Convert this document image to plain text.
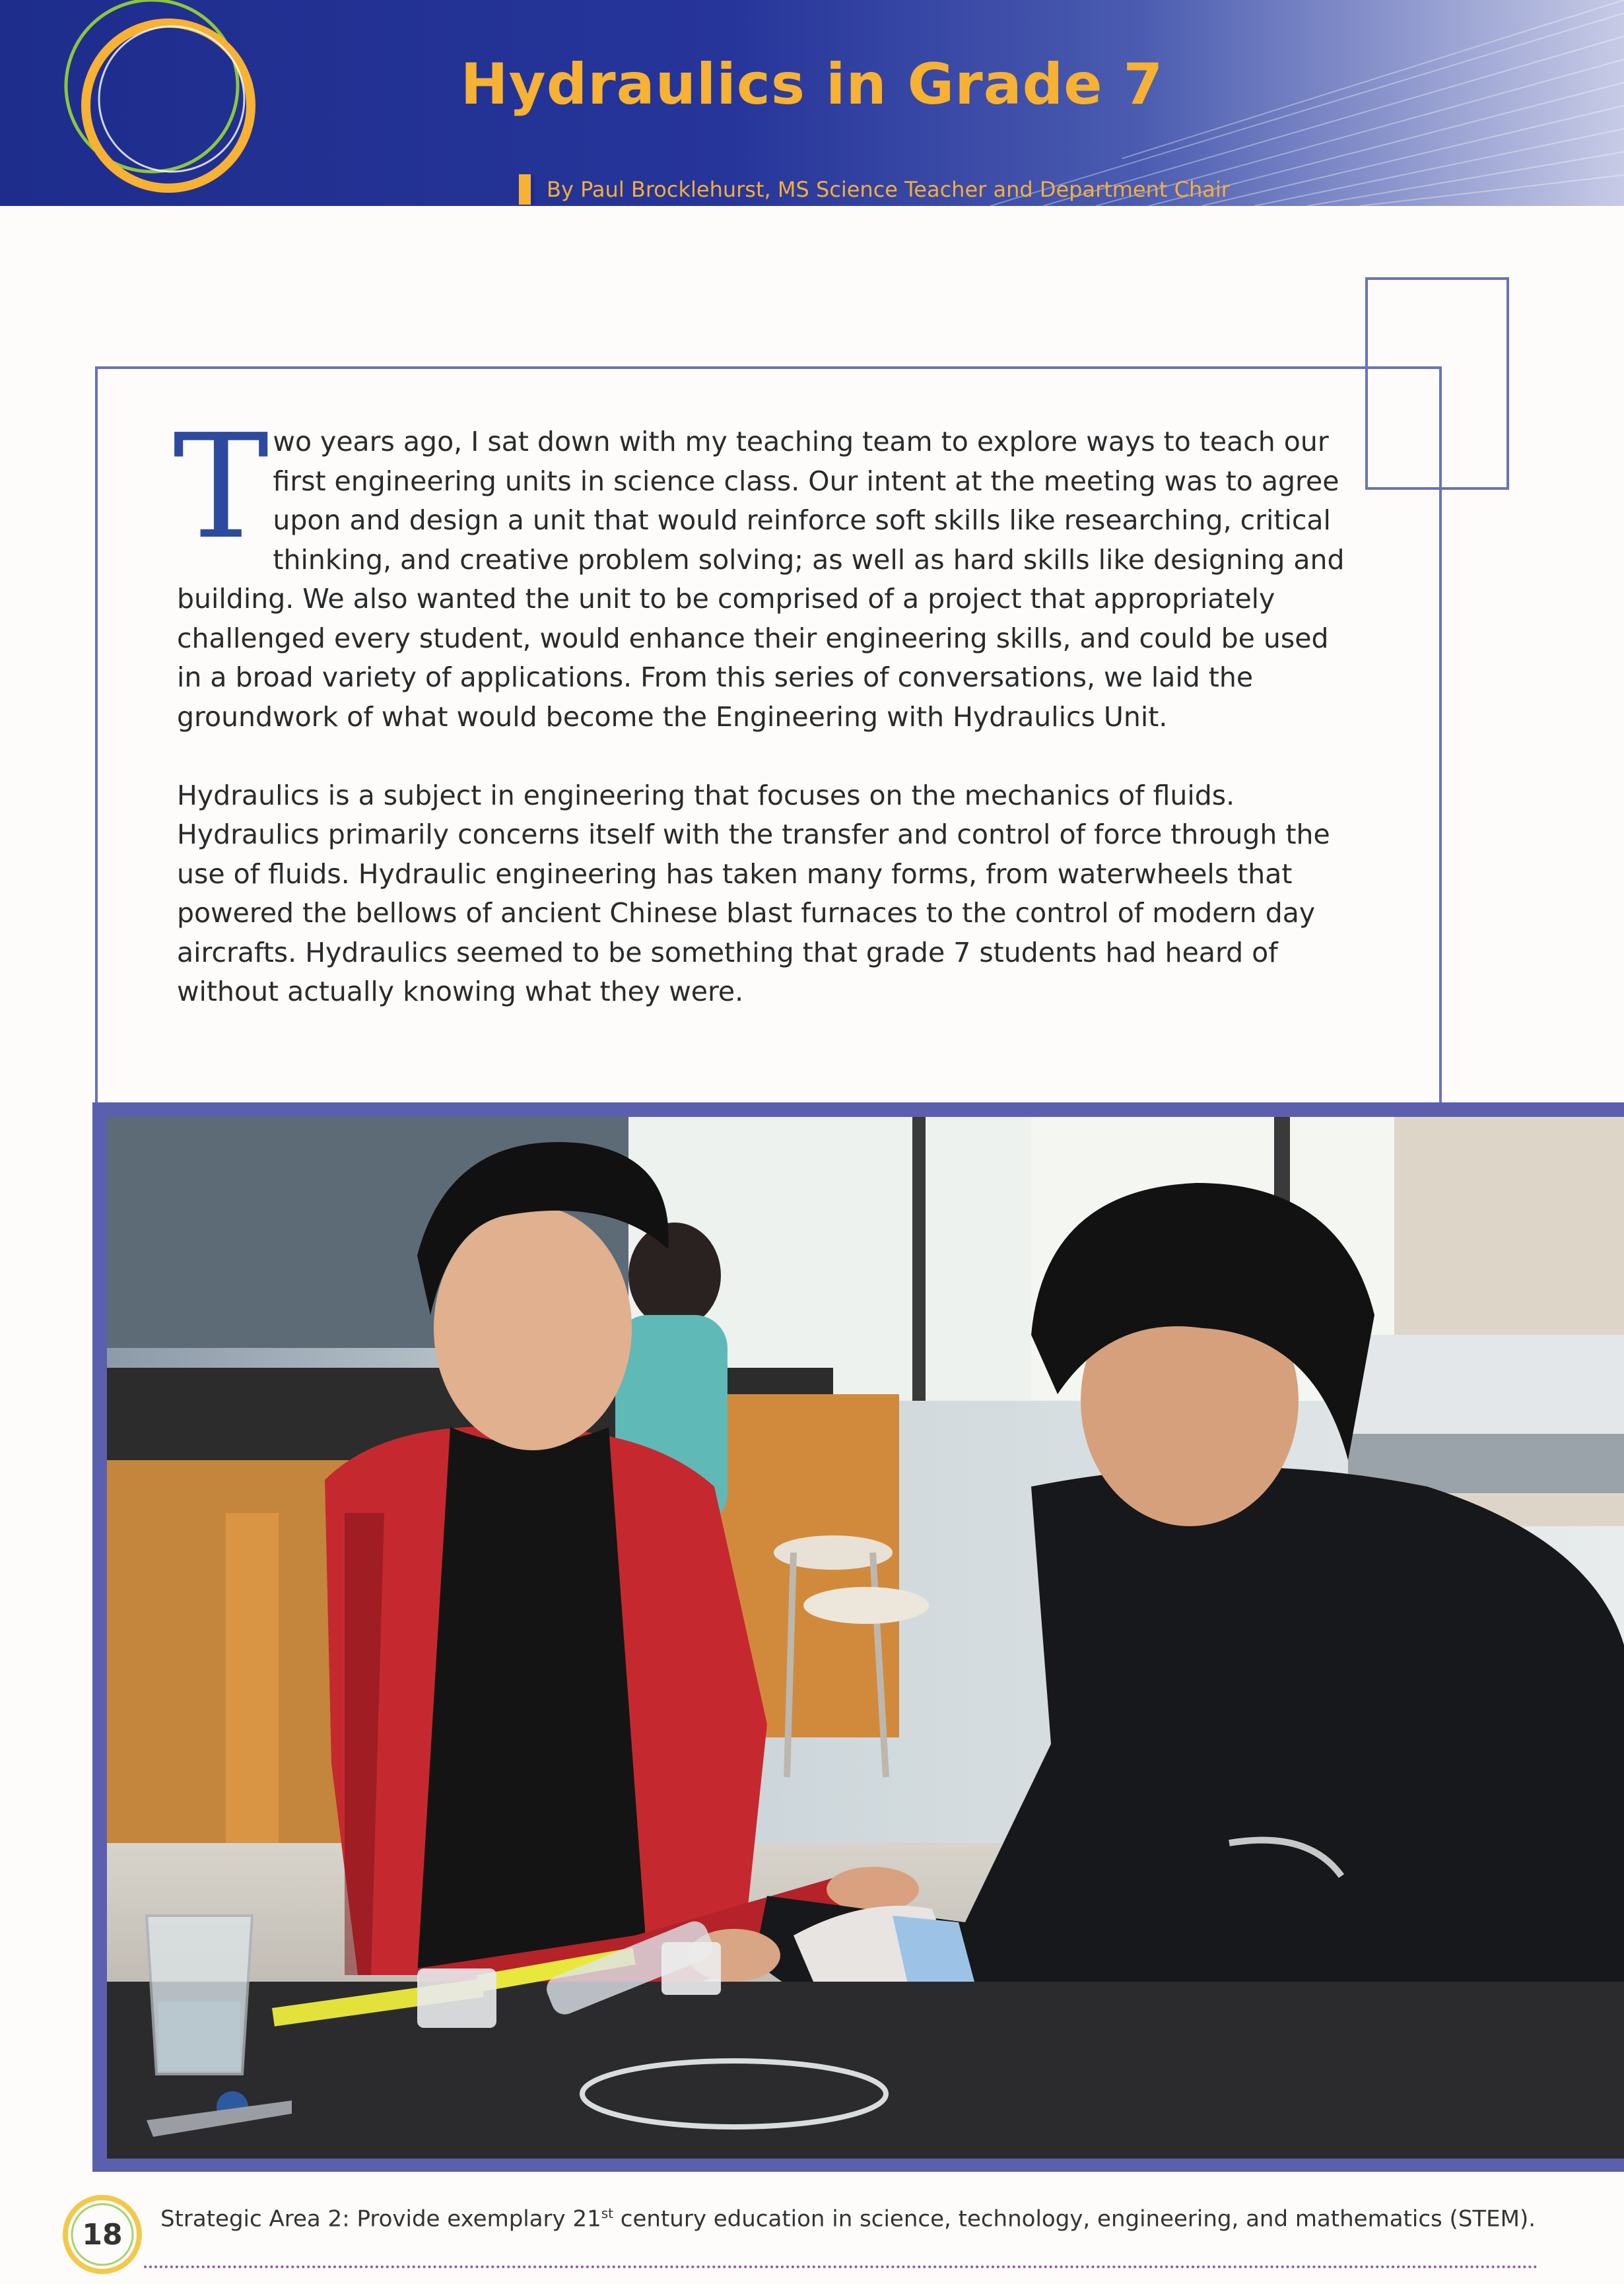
Hydraulics in Grade 7
By Paul Brocklehurst, MS Science Teacher and Department Chair

Two years ago, I sat down with my teaching team to explore ways to teach our first engineering units in science class. Our intent at the meeting was to agree upon and design a unit that would reinforce soft skills like researching, critical thinking, and creative problem solving; as well as hard skills like designing and building. We also wanted the unit to be comprised of a project that appropriately challenged every student, would enhance their engineering skills, and could be used in a broad variety of applications. From this series of conversations, we laid the groundwork of what would become the Engineering with Hydraulics Unit.

Hydraulics is a subject in engineering that focuses on the mechanics of fluids. Hydraulics primarily concerns itself with the transfer and control of force through the use of fluids. Hydraulic engineering has taken many forms, from waterwheels that powered the bellows of ancient Chinese blast furnaces to the control of modern day aircrafts. Hydraulics seemed to be something that grade 7 students had heard of without actually knowing what they were.

18 Strategic Area 2: Provide exemplary 21st century education in science, technology, engineering, and mathematics (STEM).
